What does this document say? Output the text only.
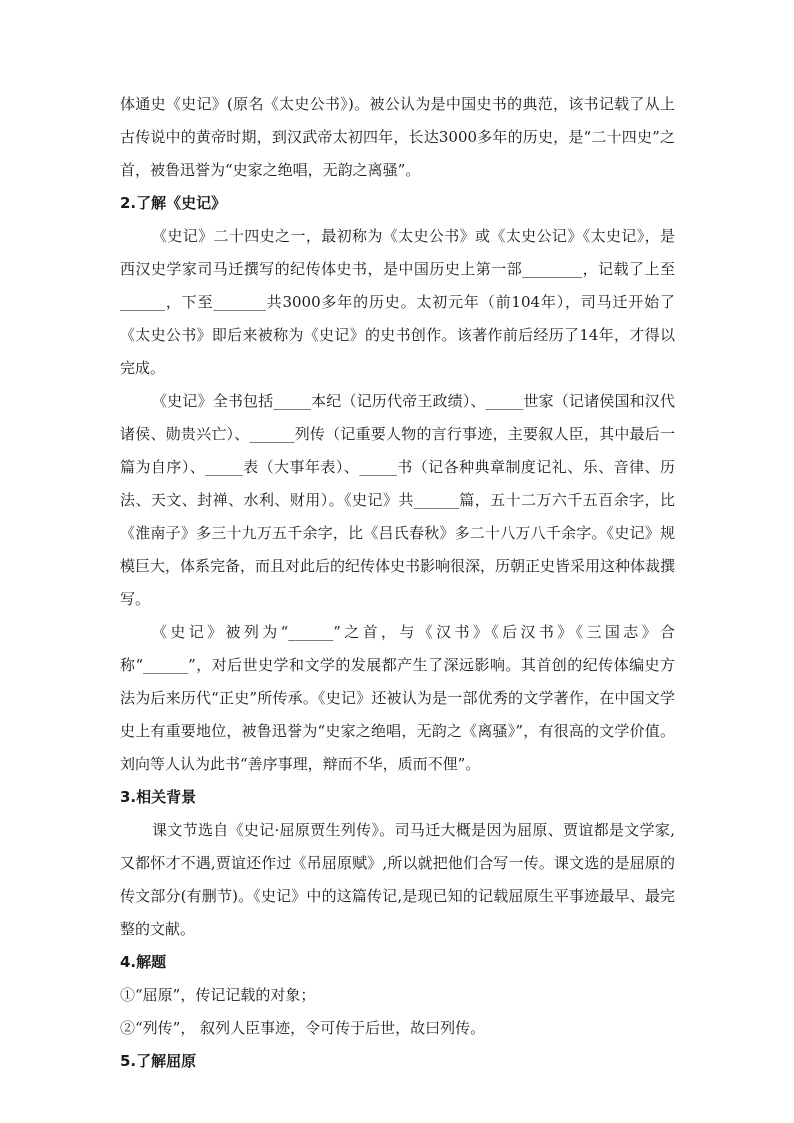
体通史《史记》(原名《太史公书》)。被公认为是中国史书的典范，该书记载了从上古传说中的黄帝时期，到汉武帝太初四年，长达3000多年的历史，是“二十四史”之首，被鲁迅誉为“史家之绝唱，无韵之离骚”。

2.了解《史记》

《史记》二十四史之一，最初称为《太史公书》或《太史公记》《太史记》，是西汉史学家司马迁撰写的纪传体史书，是中国历史上第一部________，记载了上至______，下至_______共3000多年的历史。太初元年（前104年），司马迁开始了《太史公书》即后来被称为《史记》的史书创作。该著作前后经历了14年，才得以完成。

《史记》全书包括_____本纪（记历代帝王政绩）、_____世家（记诸侯国和汉代诸侯、勋贵兴亡）、______列传（记重要人物的言行事迹，主要叙人臣，其中最后一篇为自序）、_____表（大事年表）、_____书（记各种典章制度记礼、乐、音律、历法、天文、封禅、水利、财用）。《史记》共______篇，五十二万六千五百余字，比《淮南子》多三十九万五千余字，比《吕氏春秋》多二十八万八千余字。《史记》规模巨大，体系完备，而且对此后的纪传体史书影响很深，历朝正史皆采用这种体裁撰写。

《史记》被列为“______”之首，与《汉书》《后汉书》《三国志》合称“______”，对后世史学和文学的发展都产生了深远影响。其首创的纪传体编史方法为后来历代“正史”所传承。《史记》还被认为是一部优秀的文学著作，在中国文学史上有重要地位，被鲁迅誉为“史家之绝唱，无韵之《离骚》”，有很高的文学价值。刘向等人认为此书“善序事理，辩而不华，质而不俚”。

3.相关背景

课文节选自《史记·屈原贾生列传》。司马迁大概是因为屈原、贾谊都是文学家,又都怀才不遇,贾谊还作过《吊屈原赋》,所以就把他们合写一传。课文选的是屈原的传文部分(有删节)。《史记》中的这篇传记,是现已知的记载屈原生平事迹最早、最完整的文献。

4.解题

①“屈原”，传记记载的对象；

②“列传”， 叙列人臣事迹，令可传于后世，故曰列传。

5.了解屈原
